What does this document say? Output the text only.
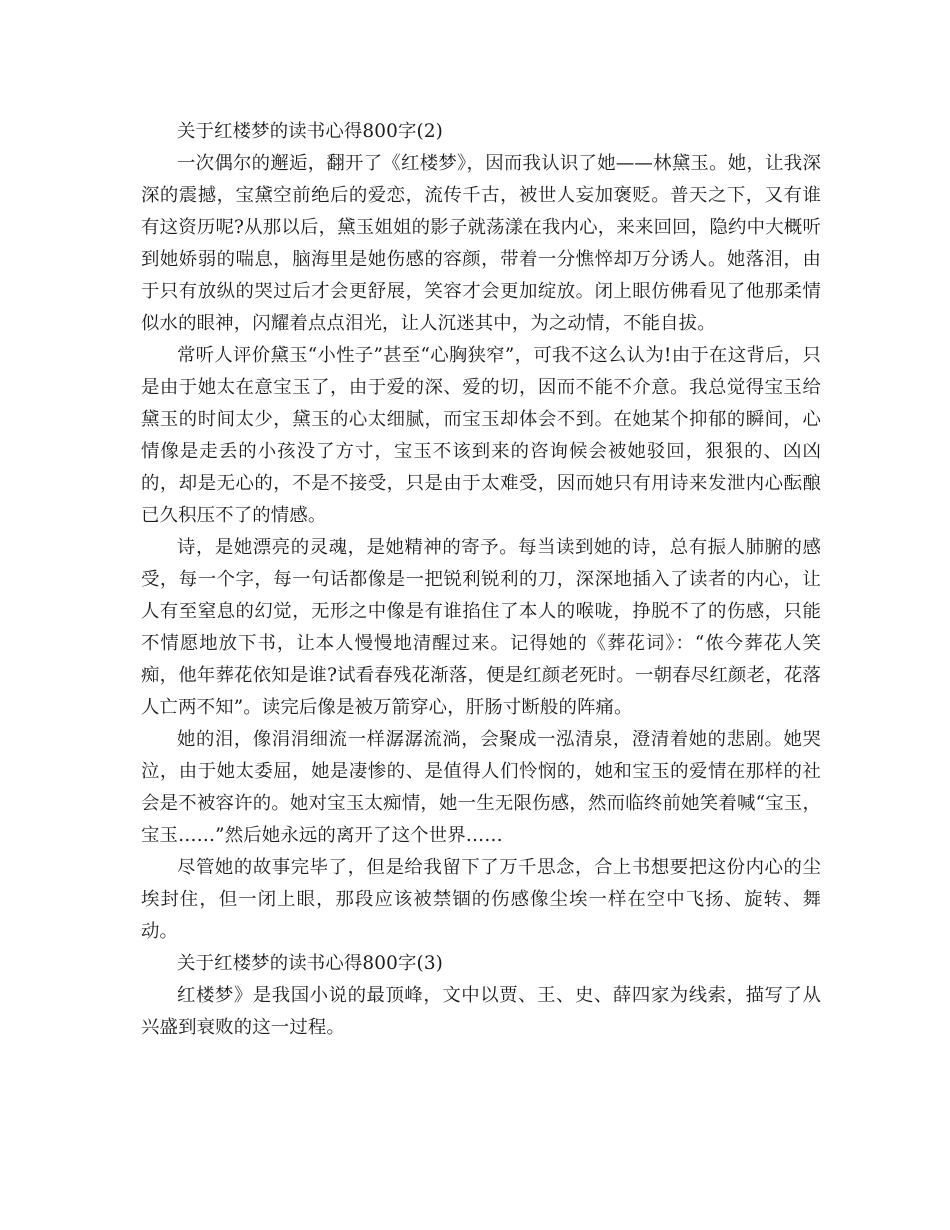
关于红楼梦的读书心得800字(2)

一次偶尔的邂逅，翻开了《红楼梦》，因而我认识了她——林黛玉。她，让我深深的震撼，宝黛空前绝后的爱恋，流传千古，被世人妄加褒贬。普天之下，又有谁有这资历呢?从那以后，黛玉姐姐的影子就荡漾在我内心，来来回回，隐约中大概听到她娇弱的喘息，脑海里是她伤感的容颜，带着一分憔悴却万分诱人。她落泪，由于只有放纵的哭过后才会更舒展，笑容才会更加绽放。闭上眼仿佛看见了他那柔情似水的眼神，闪耀着点点泪光，让人沉迷其中，为之动情，不能自拔。

常听人评价黛玉“小性子”甚至“心胸狭窄”，可我不这么认为!由于在这背后，只是由于她太在意宝玉了，由于爱的深、爱的切，因而不能不介意。我总觉得宝玉给黛玉的时间太少，黛玉的心太细腻，而宝玉却体会不到。在她某个抑郁的瞬间，心情像是走丢的小孩没了方寸，宝玉不该到来的咨询候会被她驳回，狠狠的、凶凶的，却是无心的，不是不接受，只是由于太难受，因而她只有用诗来发泄内心酝酿已久积压不了的情感。

诗，是她漂亮的灵魂，是她精神的寄予。每当读到她的诗，总有振人肺腑的感受，每一个字，每一句话都像是一把锐利锐利的刀，深深地插入了读者的内心，让人有至窒息的幻觉，无形之中像是有谁掐住了本人的喉咙，挣脱不了的伤感，只能不情愿地放下书，让本人慢慢地清醒过来。记得她的《葬花词》：“侬今葬花人笑痴，他年葬花依知是谁?试看春残花渐落，便是红颜老死时。一朝春尽红颜老，花落人亡两不知”。读完后像是被万箭穿心，肝肠寸断般的阵痛。

她的泪，像涓涓细流一样潺潺流淌，会聚成一泓清泉，澄清着她的悲剧。她哭泣，由于她太委屈，她是凄惨的、是值得人们怜悯的，她和宝玉的爱情在那样的社会是不被容许的。她对宝玉太痴情，她一生无限伤感，然而临终前她笑着喊“宝玉，宝玉……”然后她永远的离开了这个世界……

尽管她的故事完毕了，但是给我留下了万千思念，合上书想要把这份内心的尘埃封住，但一闭上眼，那段应该被禁锢的伤感像尘埃一样在空中飞扬、旋转、舞动。

关于红楼梦的读书心得800字(3)

红楼梦》是我国小说的最顶峰，文中以贾、王、史、薛四家为线索，描写了从兴盛到衰败的这一过程。
